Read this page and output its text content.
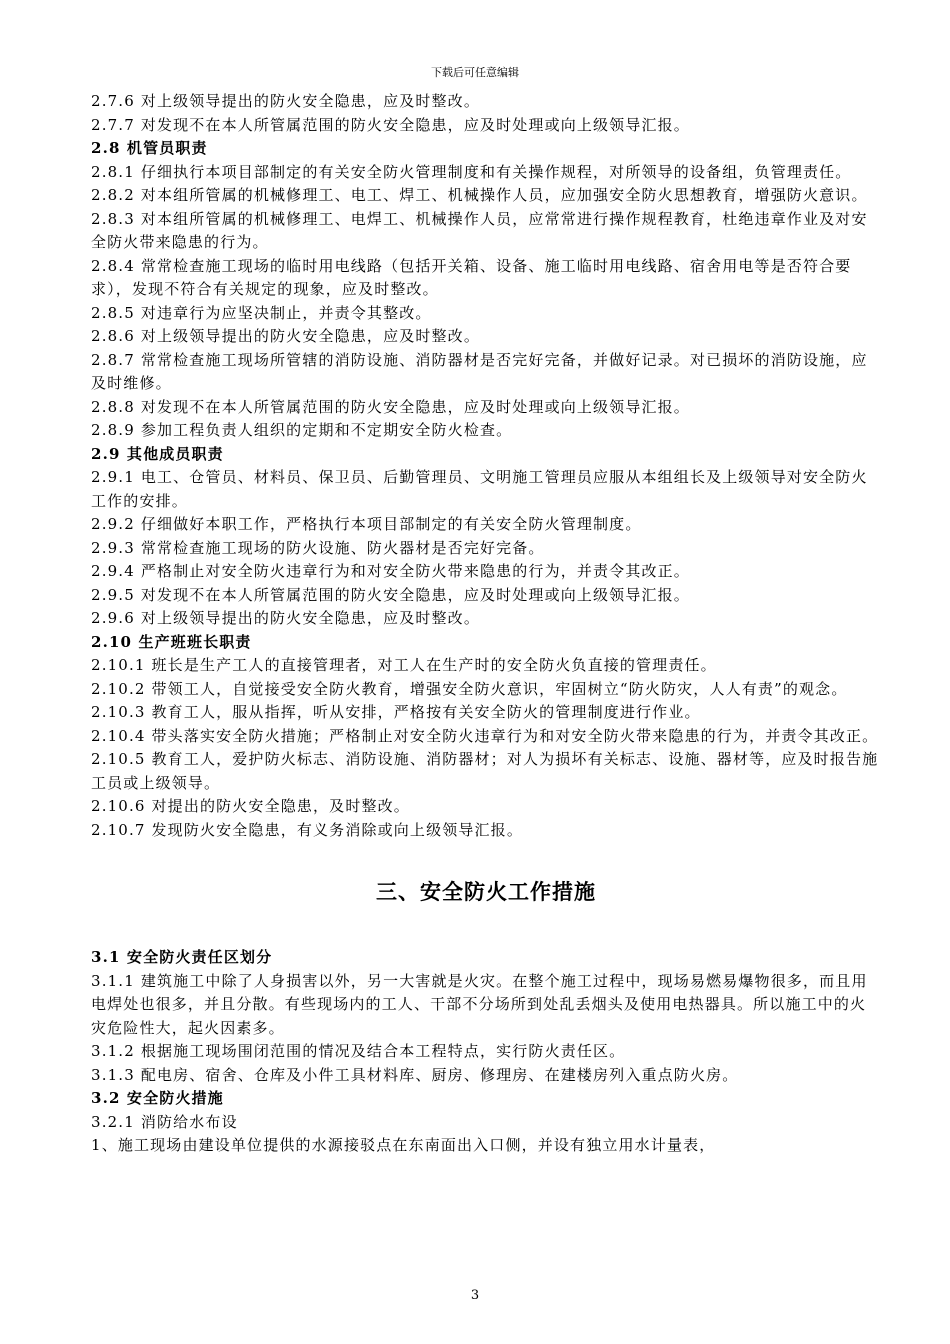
下载后可任意编辑

2.7.6 对上级领导提出的防火安全隐患，应及时整改。

2.7.7 对发现不在本人所管属范围的防火安全隐患，应及时处理或向上级领导汇报。

2.8 机管员职责

2.8.1 仔细执行本项目部制定的有关安全防火管理制度和有关操作规程，对所领导的设备组，负管理责任。

2.8.2 对本组所管属的机械修理工、电工、焊工、机械操作人员，应加强安全防火思想教育，增强防火意识。

2.8.3 对本组所管属的机械修理工、电焊工、机械操作人员，应常常进行操作规程教育，杜绝违章作业及对安全防火带来隐患的行为。

2.8.4 常常检查施工现场的临时用电线路（包括开关箱、设备、施工临时用电线路、宿舍用电等是否符合要求），发现不符合有关规定的现象，应及时整改。

2.8.5 对违章行为应坚决制止，并责令其整改。

2.8.6 对上级领导提出的防火安全隐患，应及时整改。

2.8.7 常常检查施工现场所管辖的消防设施、消防器材是否完好完备，并做好记录。对已损坏的消防设施，应及时维修。

2.8.8 对发现不在本人所管属范围的防火安全隐患，应及时处理或向上级领导汇报。

2.8.9 参加工程负责人组织的定期和不定期安全防火检查。

2.9 其他成员职责

2.9.1 电工、仓管员、材料员、保卫员、后勤管理员、文明施工管理员应服从本组组长及上级领导对安全防火工作的安排。

2.9.2 仔细做好本职工作，严格执行本项目部制定的有关安全防火管理制度。

2.9.3 常常检查施工现场的防火设施、防火器材是否完好完备。

2.9.4 严格制止对安全防火违章行为和对安全防火带来隐患的行为，并责令其改正。

2.9.5 对发现不在本人所管属范围的防火安全隐患，应及时处理或向上级领导汇报。

2.9.6 对上级领导提出的防火安全隐患，应及时整改。

2.10 生产班班长职责

2.10.1 班长是生产工人的直接管理者，对工人在生产时的安全防火负直接的管理责任。

2.10.2 带领工人，自觉接受安全防火教育，增强安全防火意识，牢固树立“防火防灾，人人有责”的观念。

2.10.3 教育工人，服从指挥，听从安排，严格按有关安全防火的管理制度进行作业。

2.10.4 带头落实安全防火措施；严格制止对安全防火违章行为和对安全防火带来隐患的行为，并责令其改正。

2.10.5 教育工人，爱护防火标志、消防设施、消防器材；对人为损坏有关标志、设施、器材等，应及时报告施工员或上级领导。

2.10.6 对提出的防火安全隐患，及时整改。

2.10.7 发现防火安全隐患，有义务消除或向上级领导汇报。

三、安全防火工作措施

3.1 安全防火责任区划分

3.1.1 建筑施工中除了人身损害以外，另一大害就是火灾。在整个施工过程中，现场易燃易爆物很多，而且用电焊处也很多，并且分散。有些现场内的工人、干部不分场所到处乱丢烟头及使用电热器具。所以施工中的火灾危险性大，起火因素多。

3.1.2 根据施工现场围闭范围的情况及结合本工程特点，实行防火责任区。

3.1.3 配电房、宿舍、仓库及小件工具材料库、厨房、修理房、在建楼房列入重点防火房。

3.2 安全防火措施

3.2.1 消防给水布设

1、施工现场由建设单位提供的水源接驳点在东南面出入口侧，并设有独立用水计量表，

3
